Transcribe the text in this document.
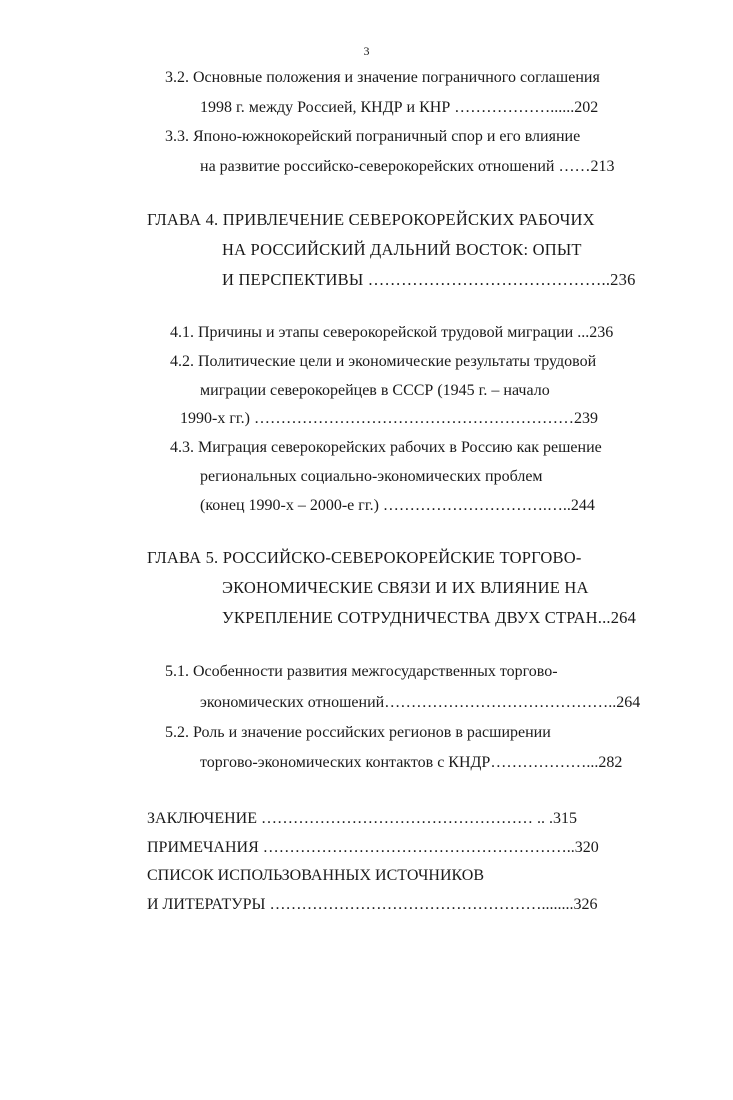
3
3.2. Основные положения и значение пограничного соглашения
1998 г. между Россией, КНДР и КНР ………………......202
3.3. Японо-южнокорейский пограничный спор и его влияние
на развитие российско-северокорейских отношений ……213
ГЛАВА 4. ПРИВЛЕЧЕНИЕ СЕВЕРОКОРЕЙСКИХ РАБОЧИХ
НА РОССИЙСКИЙ ДАЛЬНИЙ ВОСТОК: ОПЫТ
И ПЕРСПЕКТИВЫ ……………………………………..236
4.1. Причины и этапы северокорейской трудовой миграции ...236
4.2. Политические цели и экономические результаты трудовой
миграции северокорейцев в СССР (1945 г. – начало
1990-х гг.) ……………………………………………………239
4.3. Миграция северокорейских рабочих в Россию как решение
региональных социально-экономических проблем
(конец 1990-х – 2000-е гг.) ………………………….…..244
ГЛАВА 5. РОССИЙСКО-СЕВЕРОКОРЕЙСКИЕ ТОРГОВО-
ЭКОНОМИЧЕСКИЕ СВЯЗИ И ИХ ВЛИЯНИЕ НА
УКРЕПЛЕНИЕ СОТРУДНИЧЕСТВА ДВУХ СТРАН...264
5.1. Особенности развития межгосударственных торгово-
экономических отношений……………………………………..264
5.2. Роль и значение российских регионов в расширении
торгово-экономических контактов с КНДР………………...282
ЗАКЛЮЧЕНИЕ …………………………………………… .. .315
ПРИМЕЧАНИЯ …………………………………………………..320
СПИСОК ИСПОЛЬЗОВАННЫХ ИСТОЧНИКОВ
И ЛИТЕРАТУРЫ ……………………………………………........326
